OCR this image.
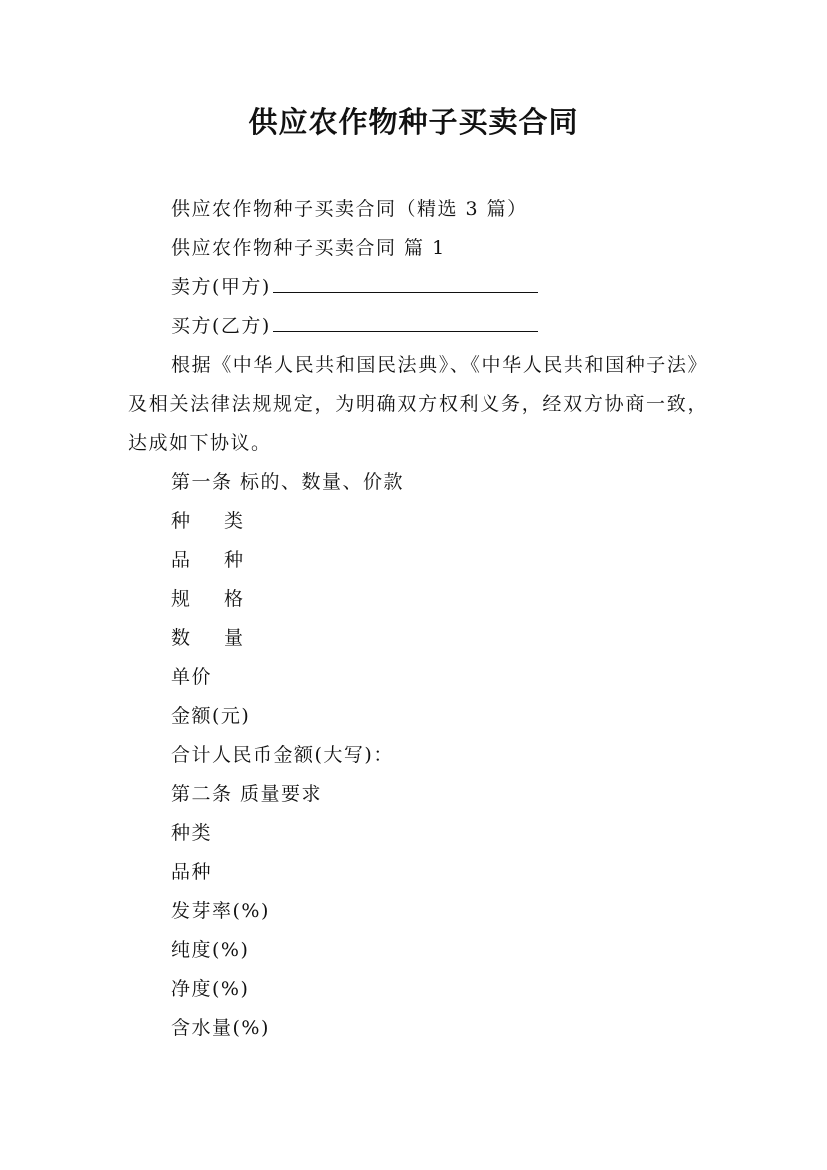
供应农作物种子买卖合同
供应农作物种子买卖合同（精选 3 篇）
供应农作物种子买卖合同 篇 1
卖方(甲方)
买方(乙方)
根据《中华人民共和国民法典》、《中华人民共和国种子法》及相关法律法规规定，为明确双方权利义务，经双方协商一致，达成如下协议。
第一条 标的、数量、价款
种 类
品 种
规 格
数 量
单价
金额(元)
合计人民币金额(大写)：
第二条 质量要求
种类
品种
发芽率(%)
纯度(%)
净度(%)
含水量(%)
